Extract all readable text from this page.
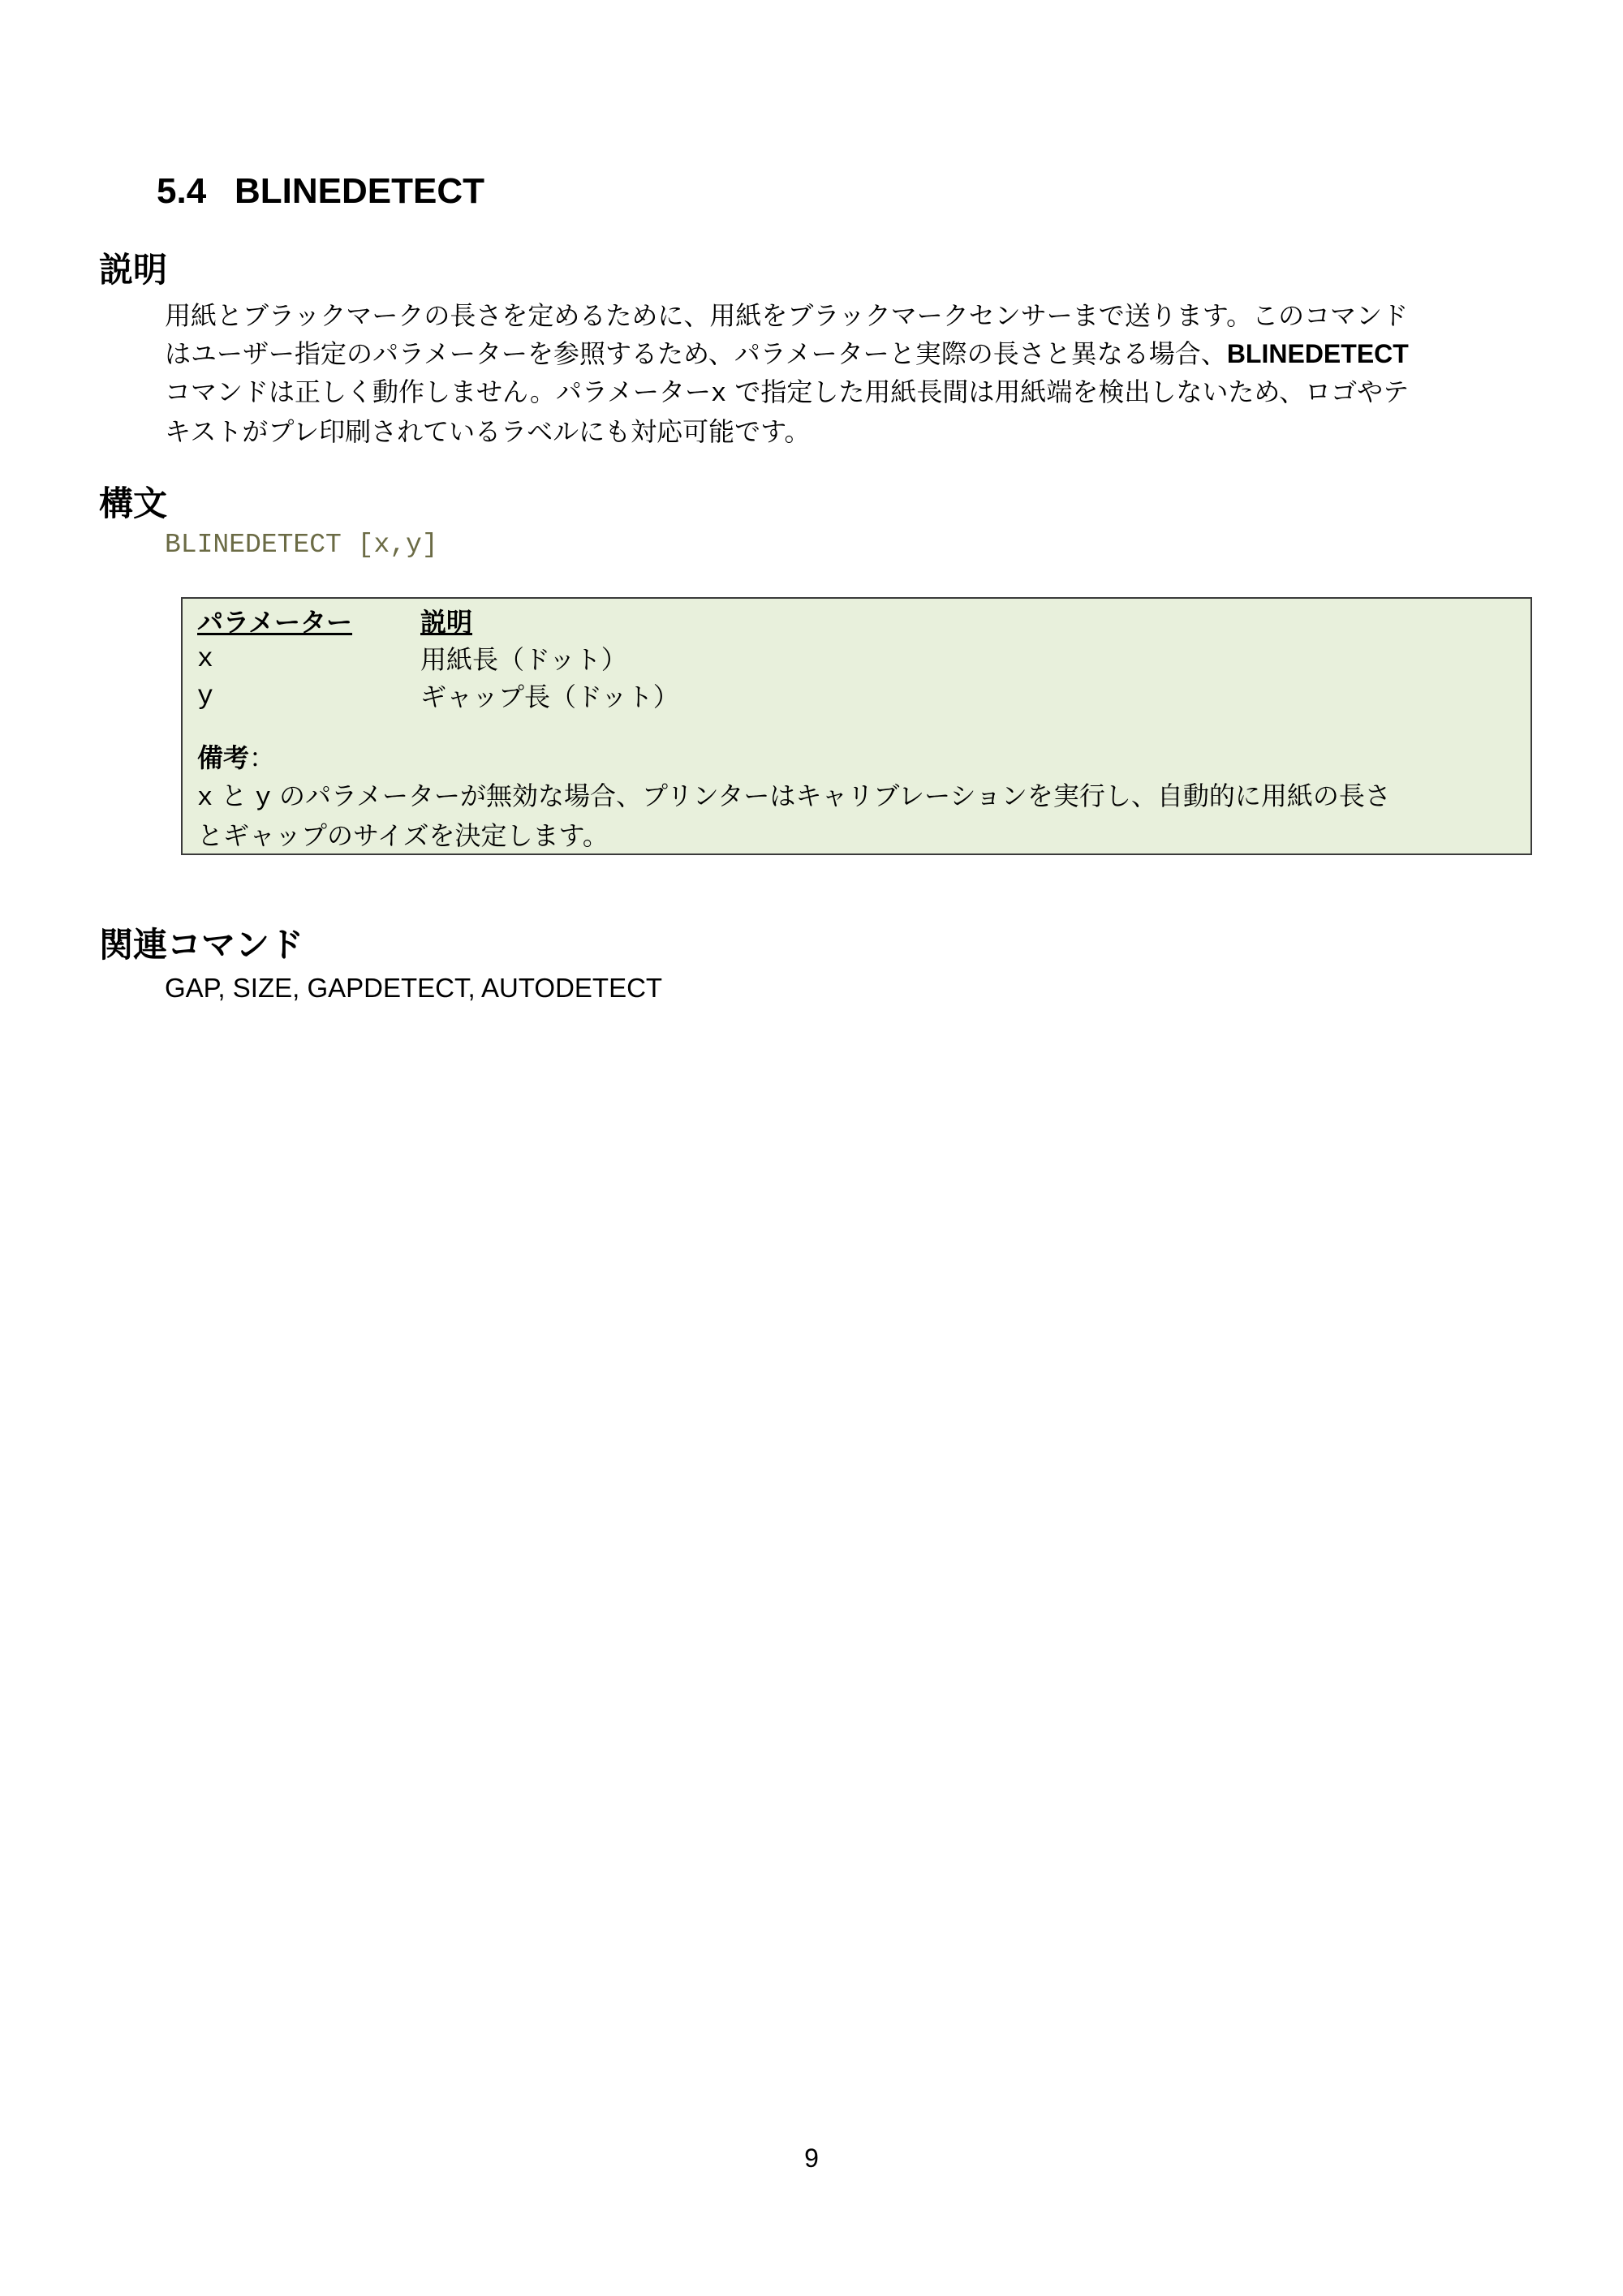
5.4 BLINEDETECT
説明
用紙とブラックマークの長さを定めるために、用紙をブラックマークセンサーまで送ります。このコマンド
はユーザー指定のパラメーターを参照するため、パラメーターと実際の長さと異なる場合、BLINEDETECT
コマンドは正しく動作しません。パラメーターx で指定した用紙長間は用紙端を検出しないため、ロゴやテ
キストがプレ印刷されているラベルにも対応可能です。
構文
BLINEDETECT [x,y]
パラメーター	説明
x	用紙長（ドット）
y	ギャップ長（ドット）
備考：
x と y のパラメーターが無効な場合、プリンターはキャリブレーションを実行し、自動的に用紙の長さ
とギャップのサイズを決定します。
関連コマンド
GAP, SIZE, GAPDETECT, AUTODETECT
9
